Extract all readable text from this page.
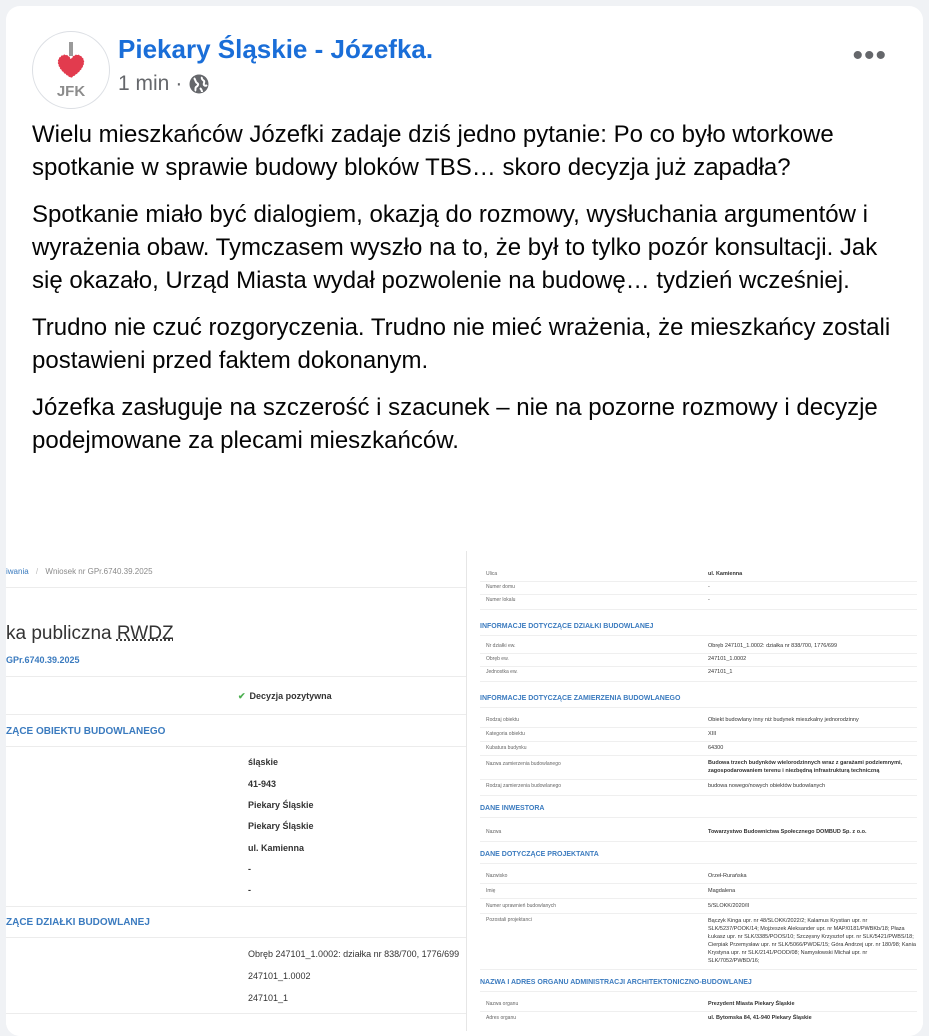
JFK
Piekary Śląskie - Józefka.
1 min ·
•••

Wielu mieszkańców Józefki zadaje dziś jedno pytanie: Po co było wtorkowe spotkanie w sprawie budowy bloków TBS… skoro decyzja już zapadła?

Spotkanie miało być dialogiem, okazją do rozmowy, wysłuchania argumentów i wyrażenia obaw. Tymczasem wyszło na to, że był to tylko pozór konsultacji. Jak się okazało, Urząd Miasta wydał pozwolenie na budowę… tydzień wcześniej.

Trudno nie czuć rozgoryczenia. Trudno nie mieć wrażenia, że mieszkańcy zostali postawieni przed faktem dokonanym.

Józefka zasługuje na szczerość i szacunek – nie na pozorne rozmowy i decyzje podejmowane za plecami mieszkańców.

iwania / Wniosek nr GPr.6740.39.2025
ka publiczna RWDZ
GPr.6740.39.2025
✔ Decyzja pozytywna
ZĄCE OBIEKTU BUDOWLANEGO
śląskie
41-943
Piekary Śląskie
Piekary Śląskie
ul. Kamienna
-
-
ZĄCE DZIAŁKI BUDOWLANEJ
Obręb 247101_1.0002: działka nr 838/700, 1776/699
247101_1.0002
247101_1
Ulica	ul. Kamienna
Numer domu	-
Numer lokalu	-
INFORMACJE DOTYCZĄCE DZIAŁKI BUDOWLANEJ
Nr działki ew.	Obręb 247101_1.0002: działka nr 838/700, 1776/699
Obręb ew.	247101_1.0002
Jednostka ew.	247101_1
INFORMACJE DOTYCZĄCE ZAMIERZENIA BUDOWLANEGO
Rodzaj obiektu	Obiekt budowlany inny niż budynek mieszkalny jednorodzinny
Kategoria obiektu	XIII
Kubatura budynku	64300
Nazwa zamierzenia budowlanego	Budowa trzech budynków wielorodzinnych wraz z garażami podziemnymi, zagospodarowaniem terenu i niezbędną infrastrukturą techniczną
Rodzaj zamierzenia budowlanego	budowa nowego/nowych obiektów budowlanych
DANE INWESTORA
Nazwa	Towarzystwo Budownictwa Społecznego DOMBUD Sp. z o.o.
DANE DOTYCZĄCE PROJEKTANTA
Nazwisko	Orzeł-Rurańska
Imię	Magdalena
Numer uprawnień budowlanych	5/SLOKK/2020/II
Pozostali projektanci	Bączyk Kinga upr. nr 48/SLOKK/2022/2; Kalamus Krystian upr. nr SLK/5237/POOK/14; Mojżeszek Aleksander upr. nr MAP/0181/PWBKb/18; Płaza Łukasz upr. nr SLK/3385/POOS/10; Szczęsny Krzysztof upr. nr SLK/5421/PWBS/18; Cierpiak Przemysław upr. nr SLK/5066/PWOE/15; Góra Andrzej upr. nr 180/98; Kania Krystyna upr. nr SLK/2141/POOD/08; Namysłowski Michał upr. nr SLK/7052/PWBD/16;
NAZWA I ADRES ORGANU ADMINISTRACJI ARCHITEKTONICZNO-BUDOWLANEJ
Nazwa organu	Prezydent Miasta Piekary Śląskie
Adres organu	ul. Bytomska 84, 41-940 Piekary Śląskie
